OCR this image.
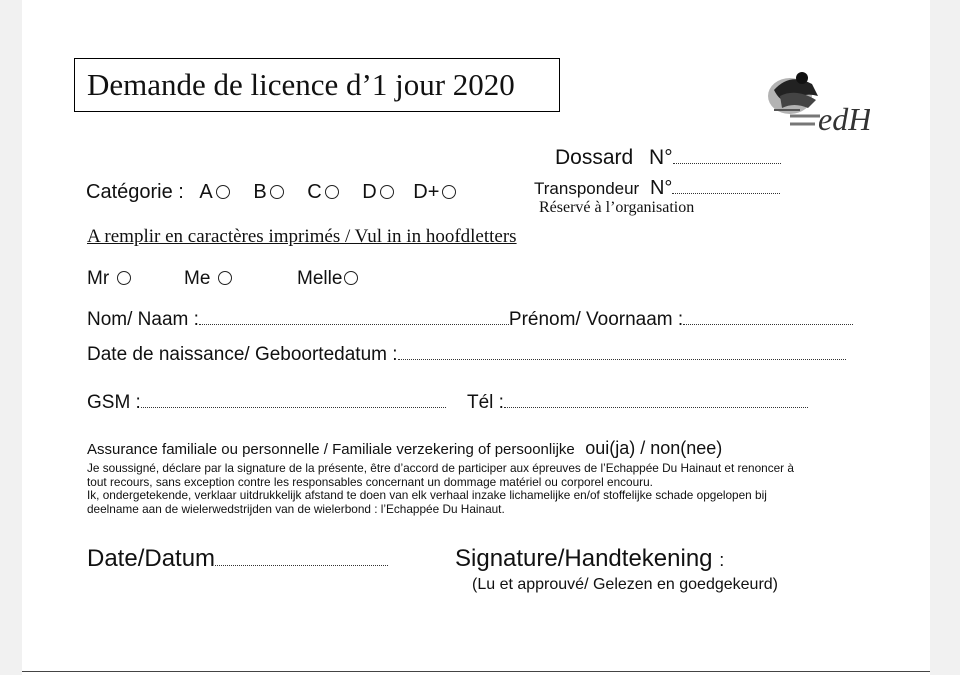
Demande de licence d’1 jour 2020
edH
Dossard N°
Catégorie : A B C D D+	Transpondeur N°
Réservé à l’organisation
A remplir en caractères imprimés / Vul in in hoofdletters
Mr	Me	Melle
Nom/ Naam :	Prénom/ Voornaam :
Date de naissance/ Geboortedatum :
GSM :	Tél :
Assurance familiale ou personnelle / Familiale verzekering of persoonlijke oui(ja) / non(nee)
Je soussigné, déclare par la signature de la présente, être d’accord de participer aux épreuves de l’Echappée Du Hainaut et renoncer à
tout recours, sans exception contre les responsables concernant un dommage matériel ou corporel encouru.
Ik, ondergetekende, verklaar uitdrukkelijk afstand te doen van elk verhaal inzake lichamelijke en/of stoffelijke schade opgelopen bij
deelname aan de wielerwedstrijden van de wielerbond : l’Echappée Du Hainaut.
Date/Datum	Signature/Handtekening :
(Lu et approuvé/ Gelezen en goedgekeurd)
